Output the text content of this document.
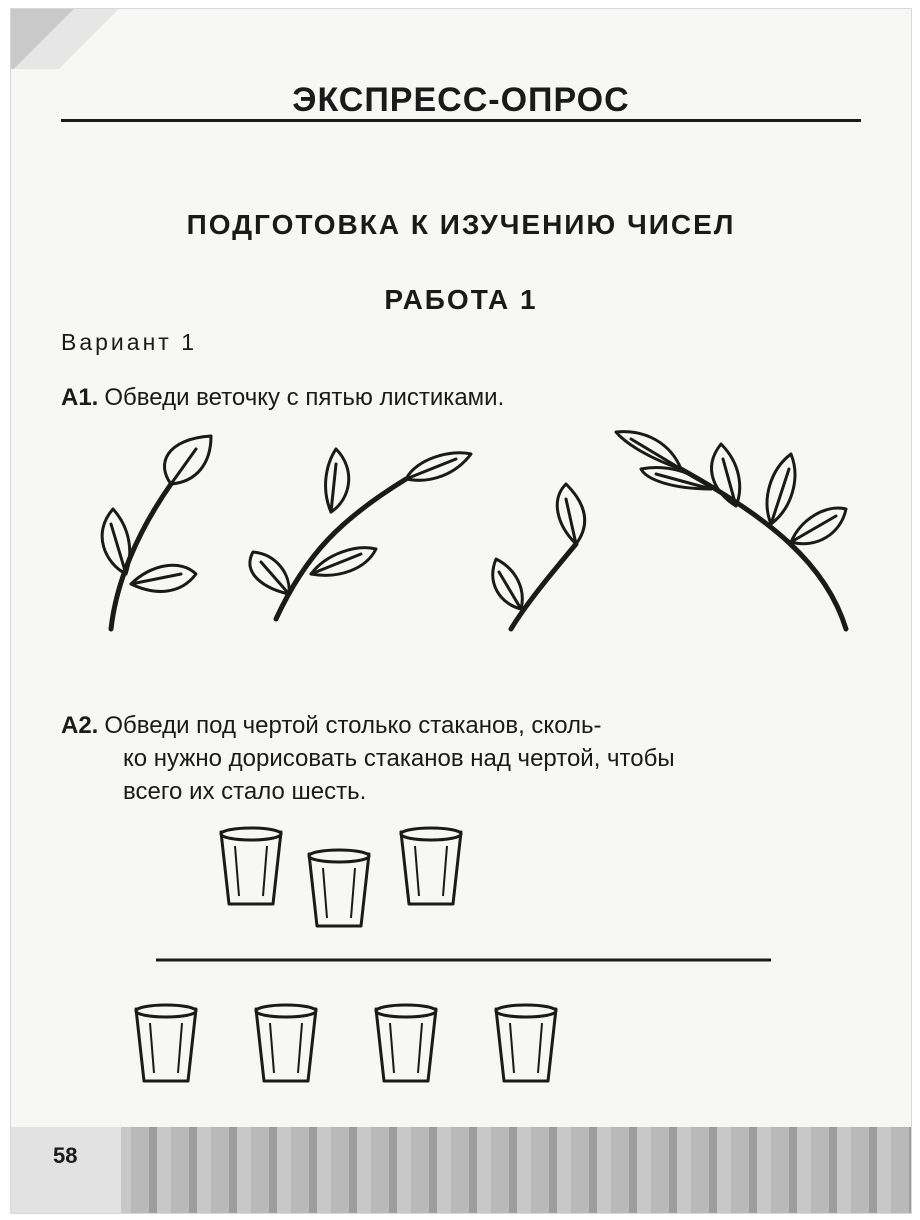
ЭКСПРЕСС-ОПРОС
ПОДГОТОВКА К ИЗУЧЕНИЮ ЧИСЕЛ
РАБОТА 1
Вариант 1
А1. Обведи веточку с пятью листиками.
А2. Обведи под чертой столько стаканов, сколь-
ко нужно дорисовать стаканов над чертой, чтобы
всего их стало шесть.
58
